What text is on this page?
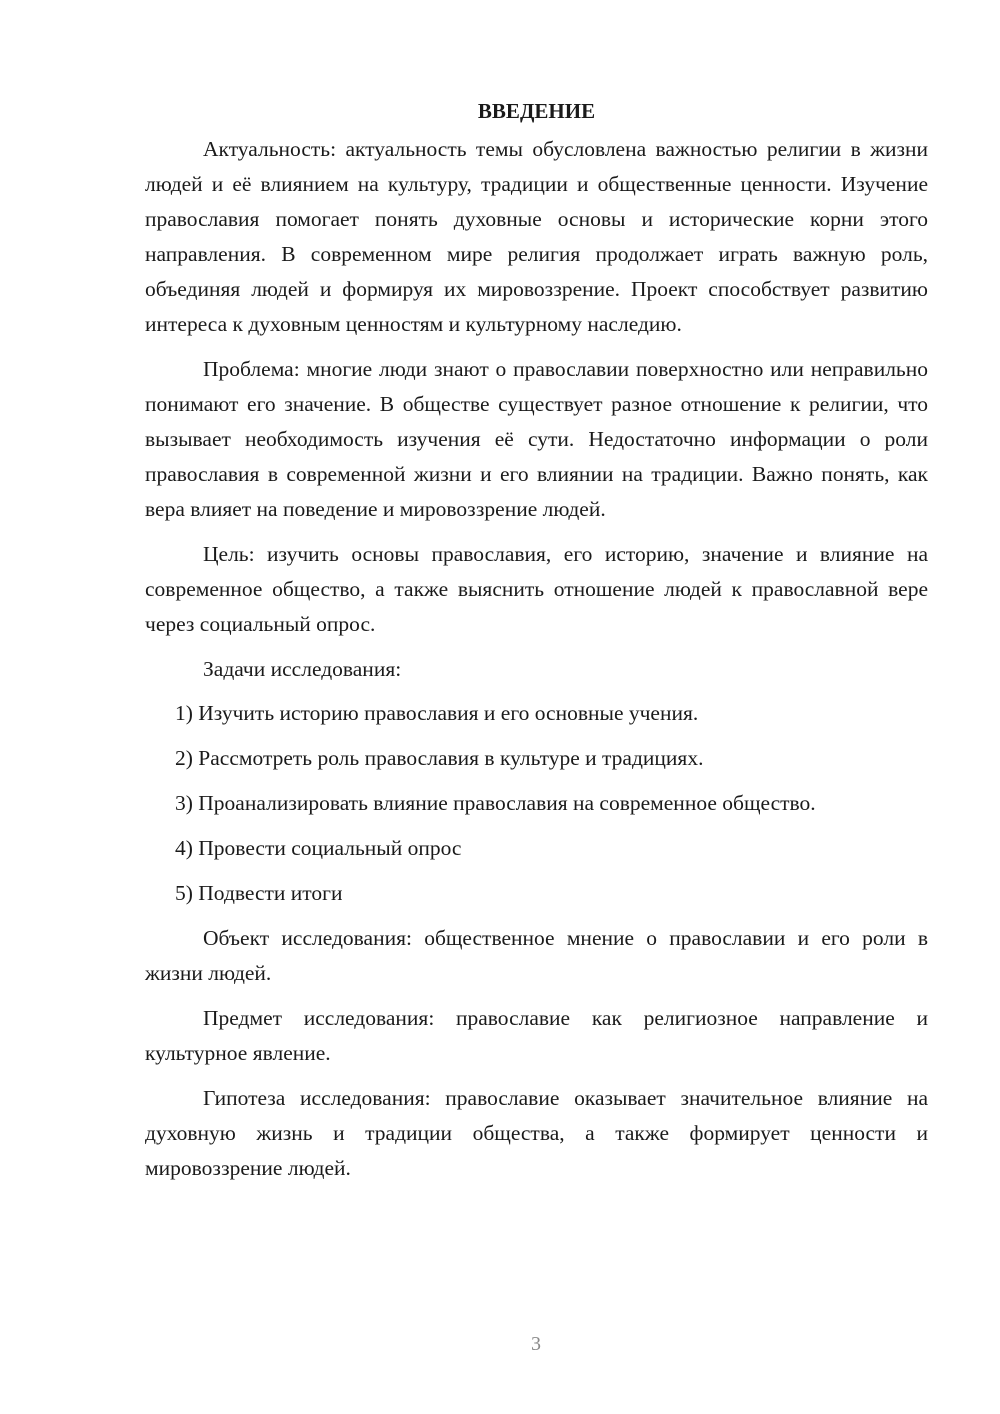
ВВЕДЕНИЕ

Актуальность: актуальность темы обусловлена важностью религии в жизни людей и её влиянием на культуру, традиции и общественные ценности. Изучение православия помогает понять духовные основы и исторические корни этого направления. В современном мире религия продолжает играть важную роль, объединяя людей и формируя их мировоззрение. Проект способствует развитию интереса к духовным ценностям и культурному наследию.

Проблема: многие люди знают о православии поверхностно или неправильно понимают его значение. В обществе существует разное отношение к религии, что вызывает необходимость изучения её сути. Недостаточно информации о роли православия в современной жизни и его влиянии на традиции. Важно понять, как вера влияет на поведение и мировоззрение людей.

Цель: изучить основы православия, его историю, значение и влияние на современное общество, а также выяснить отношение людей к православной вере через социальный опрос.

Задачи исследования:

1) Изучить историю православия и его основные учения.
2) Рассмотреть роль православия в культуре и традициях.
3) Проанализировать влияние православия на современное общество.
4) Провести социальный опрос
5) Подвести итоги

Объект исследования: общественное мнение о православии и его роли в жизни людей.

Предмет исследования: православие как религиозное направление и культурное явление.

Гипотеза исследования: православие оказывает значительное влияние на духовную жизнь и традиции общества, а также формирует ценности и мировоззрение людей.

3
